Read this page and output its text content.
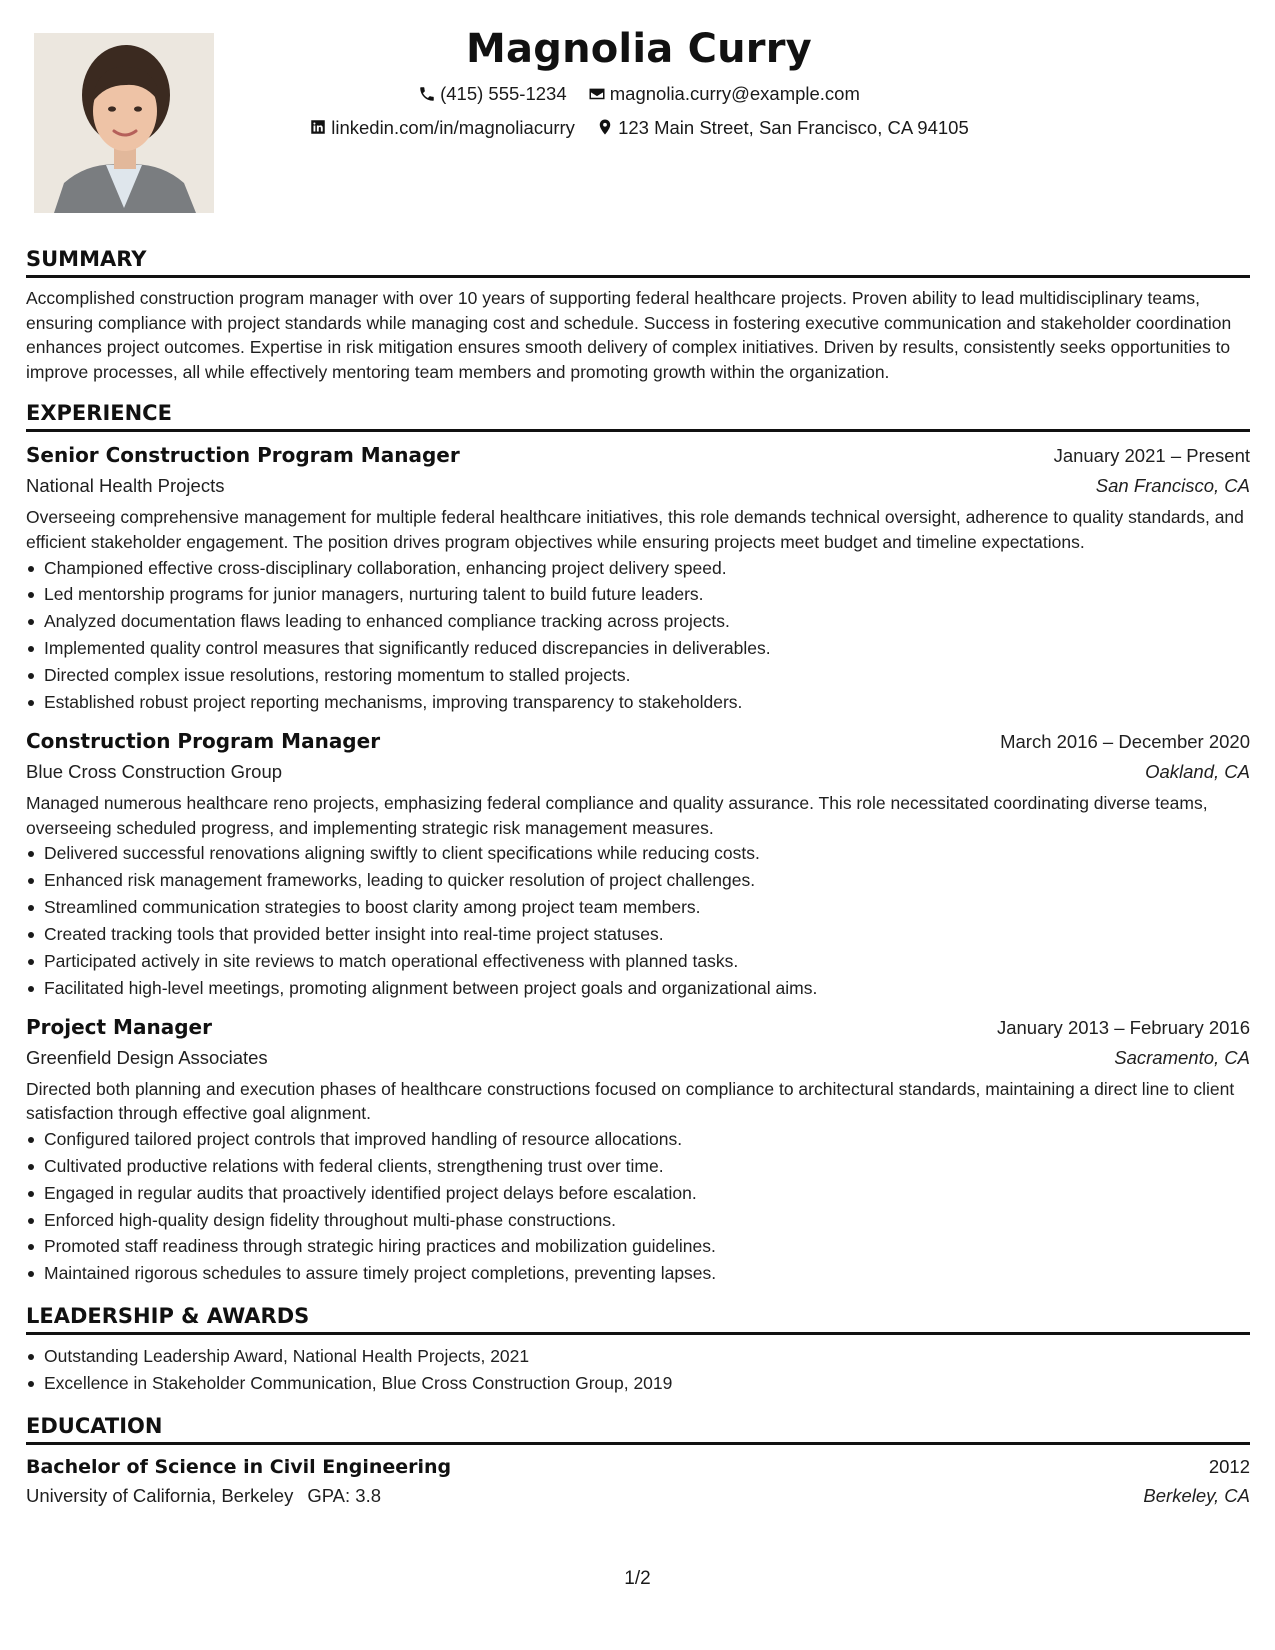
Magnolia Curry
(415) 555-1234
magnolia.curry@example.com
linkedin.com/in/magnoliacurry
123 Main Street, San Francisco, CA 94105
SUMMARY
Accomplished construction program manager with over 10 years of supporting federal healthcare projects. Proven ability to lead multidisciplinary teams, ensuring compliance with project standards while managing cost and schedule. Success in fostering executive communication and stakeholder coordination enhances project outcomes. Expertise in risk mitigation ensures smooth delivery of complex initiatives. Driven by results, consistently seeks opportunities to improve processes, all while effectively mentoring team members and promoting growth within the organization.
EXPERIENCE
Senior Construction Program Manager	January 2021 – Present
National Health Projects	San Francisco, CA
Overseeing comprehensive management for multiple federal healthcare initiatives, this role demands technical oversight, adherence to quality standards, and efficient stakeholder engagement. The position drives program objectives while ensuring projects meet budget and timeline expectations.
Championed effective cross-disciplinary collaboration, enhancing project delivery speed.
Led mentorship programs for junior managers, nurturing talent to build future leaders.
Analyzed documentation flaws leading to enhanced compliance tracking across projects.
Implemented quality control measures that significantly reduced discrepancies in deliverables.
Directed complex issue resolutions, restoring momentum to stalled projects.
Established robust project reporting mechanisms, improving transparency to stakeholders.
Construction Program Manager	March 2016 – December 2020
Blue Cross Construction Group	Oakland, CA
Managed numerous healthcare reno projects, emphasizing federal compliance and quality assurance. This role necessitated coordinating diverse teams, overseeing scheduled progress, and implementing strategic risk management measures.
Delivered successful renovations aligning swiftly to client specifications while reducing costs.
Enhanced risk management frameworks, leading to quicker resolution of project challenges.
Streamlined communication strategies to boost clarity among project team members.
Created tracking tools that provided better insight into real-time project statuses.
Participated actively in site reviews to match operational effectiveness with planned tasks.
Facilitated high-level meetings, promoting alignment between project goals and organizational aims.
Project Manager	January 2013 – February 2016
Greenfield Design Associates	Sacramento, CA
Directed both planning and execution phases of healthcare constructions focused on compliance to architectural standards, maintaining a direct line to client satisfaction through effective goal alignment.
Configured tailored project controls that improved handling of resource allocations.
Cultivated productive relations with federal clients, strengthening trust over time.
Engaged in regular audits that proactively identified project delays before escalation.
Enforced high-quality design fidelity throughout multi-phase constructions.
Promoted staff readiness through strategic hiring practices and mobilization guidelines.
Maintained rigorous schedules to assure timely project completions, preventing lapses.
LEADERSHIP & AWARDS
Outstanding Leadership Award, National Health Projects, 2021
Excellence in Stakeholder Communication, Blue Cross Construction Group, 2019
EDUCATION
Bachelor of Science in Civil Engineering	2012
University of California, Berkeley GPA: 3.8	Berkeley, CA
1/2
